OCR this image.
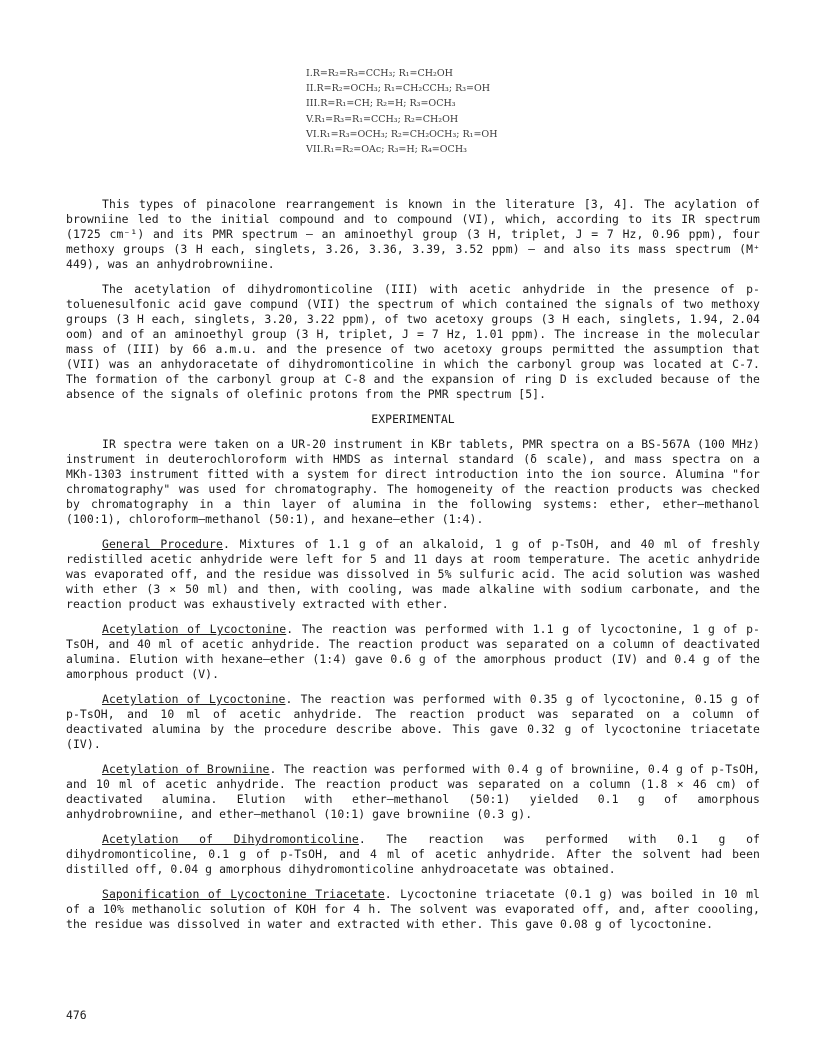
I.R=R₂=R₃=CCH₃; R₁=CH₂OH
II.R=R₂=OCH₃; R₁=CH₂CCH₃; R₃=OH
III.R=R₁=CH; R₂=H; R₃=OCH₃
V.R₁=R₃=R₁=CCH₃; R₂=CH₂OH
VI.R₁=R₃=OCH₃; R₂=CH₂OCH₃; R₁=OH
VII.R₁=R₂=OAc; R₃=H; R₄=OCH₃

This types of pinacolone rearrangement is known in the literature [3, 4]. The acylation of browniine led to the initial compound and to compound (VI), which, according to its IR spectrum (1725 cm⁻¹) and its PMR spectrum – an aminoethyl group (3 H, triplet, J = 7 Hz, 0.96 ppm), four methoxy groups (3 H each, singlets, 3.26, 3.36, 3.39, 3.52 ppm) – and also its mass spectrum (M⁺ 449), was an anhydrobrowniine.

The acetylation of dihydromonticoline (III) with acetic anhydride in the presence of p-toluenesulfonic acid gave compund (VII) the spectrum of which contained the signals of two methoxy groups (3 H each, singlets, 3.20, 3.22 ppm), of two acetoxy groups (3 H each, singlets, 1.94, 2.04 oom) and of an aminoethyl group (3 H, triplet, J = 7 Hz, 1.01 ppm). The increase in the molecular mass of (III) by 66 a.m.u. and the presence of two acetoxy groups permitted the assumption that (VII) was an anhydoracetate of dihydromonticoline in which the carbonyl group was located at C-7. The formation of the carbonyl group at C-8 and the expansion of ring D is excluded because of the absence of the signals of olefinic protons from the PMR spectrum [5].

EXPERIMENTAL

IR spectra were taken on a UR-20 instrument in KBr tablets, PMR spectra on a BS-567A (100 MHz) instrument in deuterochloroform with HMDS as internal standard (δ scale), and mass spectra on a MKh-1303 instrument fitted with a system for direct introduction into the ion source. Alumina "for chromatography" was used for chromatography. The homogeneity of the reaction products was checked by chromatography in a thin layer of alumina in the following systems: ether, ether–methanol (100:1), chloroform–methanol (50:1), and hexane–ether (1:4).

General Procedure. Mixtures of 1.1 g of an alkaloid, 1 g of p-TsOH, and 40 ml of freshly redistilled acetic anhydride were left for 5 and 11 days at room temperature. The acetic anhydride was evaporated off, and the residue was dissolved in 5% sulfuric acid. The acid solution was washed with ether (3 × 50 ml) and then, with cooling, was made alkaline with sodium carbonate, and the reaction product was exhaustively extracted with ether.

Acetylation of Lycoctonine. The reaction was performed with 1.1 g of lycoctonine, 1 g of p-TsOH, and 40 ml of acetic anhydride. The reaction product was separated on a column of deactivated alumina. Elution with hexane–ether (1:4) gave 0.6 g of the amorphous product (IV) and 0.4 g of the amorphous product (V).

Acetylation of Lycoctonine. The reaction was performed with 0.35 g of lycoctonine, 0.15 g of p-TsOH, and 10 ml of acetic anhydride. The reaction product was separated on a column of deactivated alumina by the procedure describe above. This gave 0.32 g of lycoctonine triacetate (IV).

Acetylation of Browniine. The reaction was performed with 0.4 g of browniine, 0.4 g of p-TsOH, and 10 ml of acetic anhydride. The reaction product was separated on a column (1.8 × 46 cm) of deactivated alumina. Elution with ether–methanol (50:1) yielded 0.1 g of amorphous anhydrobrowniine, and ether–methanol (10:1) gave browniine (0.3 g).

Acetylation of Dihydromonticoline. The reaction was performed with 0.1 g of dihydromonticoline, 0.1 g of p-TsOH, and 4 ml of acetic anhydride. After the solvent had been distilled off, 0.04 g amorphous dihydromonticoline anhydroacetate was obtained.

Saponification of Lycoctonine Triacetate. Lycoctonine triacetate (0.1 g) was boiled in 10 ml of a 10% methanolic solution of KOH for 4 h. The solvent was evaporated off, and, after coooling, the residue was dissolved in water and extracted with ether. This gave 0.08 g of lycoctonine.

476
